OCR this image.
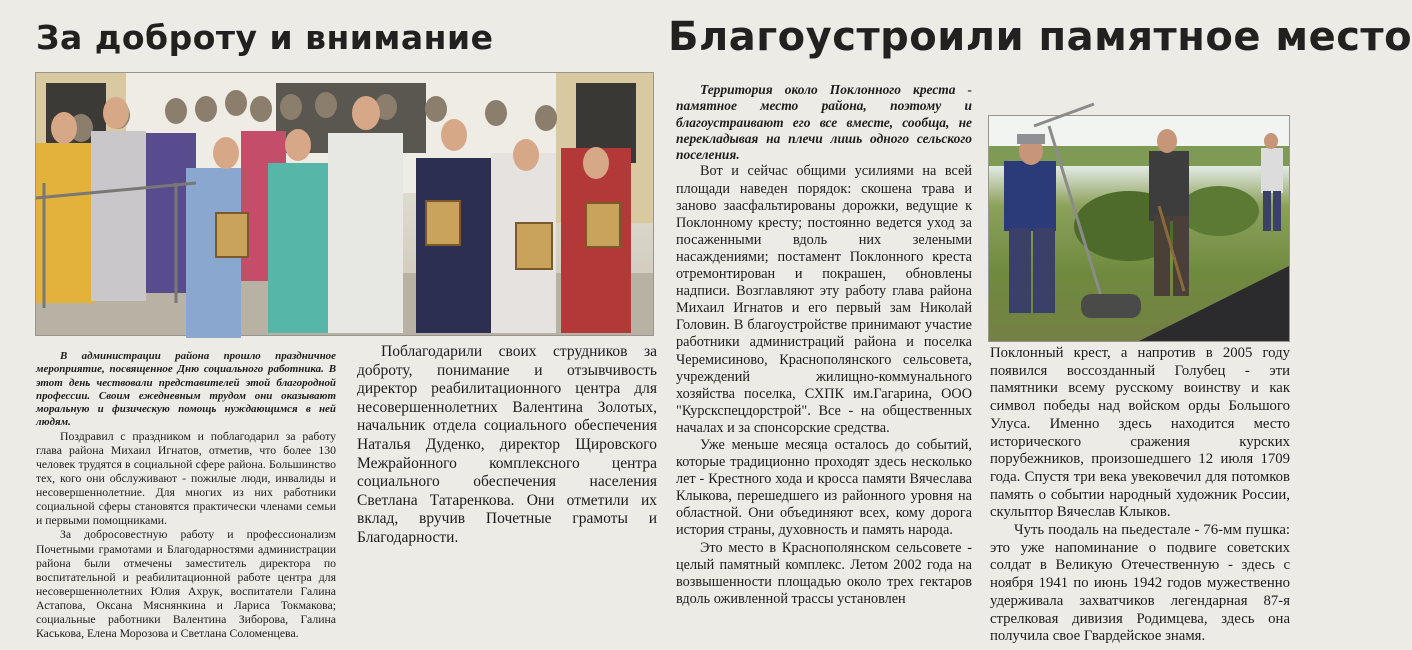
За доброту и внимание	Благоустроили памятное место

В администрации района прошло праздничное мероприятие, посвященное Дню социального работника. В этот день чествовали представителей этой благородной профессии. Своим ежедневным трудом они оказывают моральную и физическую помощь нуждающимся в ней людям.

Поздравил с праздником и поблагодарил за работу глава района Михаил Игнатов, отметив, что более 130 человек трудятся в социальной сфере района. Большинство тех, кого они обслуживают - пожилые люди, инвалиды и несовершеннолетние. Для многих из них работники социальной сферы становятся практически членами семьи и первыми помощниками.

За добросовестную работу и профессионализм Почетными грамотами и Благодарностями администрации района были отмечены заместитель директора по воспитательной и реабилитационной работе центра для несовершеннолетних Юлия Ахрук, воспитатели Галина Астапова, Оксана Мяснянкина и Лариса Токмакова; социальные работники Валентина Зиборова, Галина Каськова, Елена Морозова и Светлана Соломенцева.

Поблагодарили своих струдников за доброту, понимание и отзывчивость директор реабилитационного центра для несовершеннолетних Валентина Золотых, начальник отдела социального обеспечения Наталья Дуденко, директор Щировского Межрайонного комплексного центра социального обеспечения населения Светлана Татаренкова. Они отметили их вклад, вручив Почетные грамоты и Благодарности.

Территория около Поклонного креста - памятное место района, поэтому и благоустраивают его все вместе, сообща, не перекладывая на плечи лишь одного сельского поселения.

Вот и сейчас общими усилиями на всей площади наведен порядок: скошена трава и заново заасфальтированы дорожки, ведущие к Поклонному кресту; постоянно ведется уход за посаженными вдоль них зелеными насаждениями; постамент Поклонного креста отремонтирован и покрашен, обновлены надписи. Возглавляют эту работу глава района Михаил Игнатов и его первый зам Николай Головин. В благоустройстве принимают участие работники администраций района и поселка Черемисиново, Краснополянского сельсовета, учреждений жилищно-коммунального хозяйства поселка, СХПК им.Гагарина, ООО "Курскспецдорстрой". Все - на общественных началах и за спонсорские средства.

Уже меньше месяца осталось до событий, которые традиционно проходят здесь несколько лет - Крестного хода и кросса памяти Вячеслава Клыкова, перешедшего из районного уровня на областной. Они объединяют всех, кому дорога история страны, духовность и память народа.

Это место в Краснополянском сельсовете - целый памятный комплекс. Летом 2002 года на возвышенности площадью около трех гектаров вдоль оживленной трассы установлен

Поклонный крест, а напротив в 2005 году появился воссозданный Голубец - эти памятники всему русскому воинству и как символ победы над войском орды Большого Улуса. Именно здесь находится место исторического сражения курских порубежников, произошедшего 12 июля 1709 года. Спустя три века увековечил для потомков память о событии народный художник России, скульптор Вячеслав Клыков.

Чуть поодаль на пьедестале - 76-мм пушка: это уже напоминание о подвиге советских солдат в Великую Отечественную - здесь с ноября 1941 по июнь 1942 годов мужественно удерживала захватчиков легендарная 87-я стрелковая дивизия Родимцева, здесь она получила свое Гвардейское знамя.
